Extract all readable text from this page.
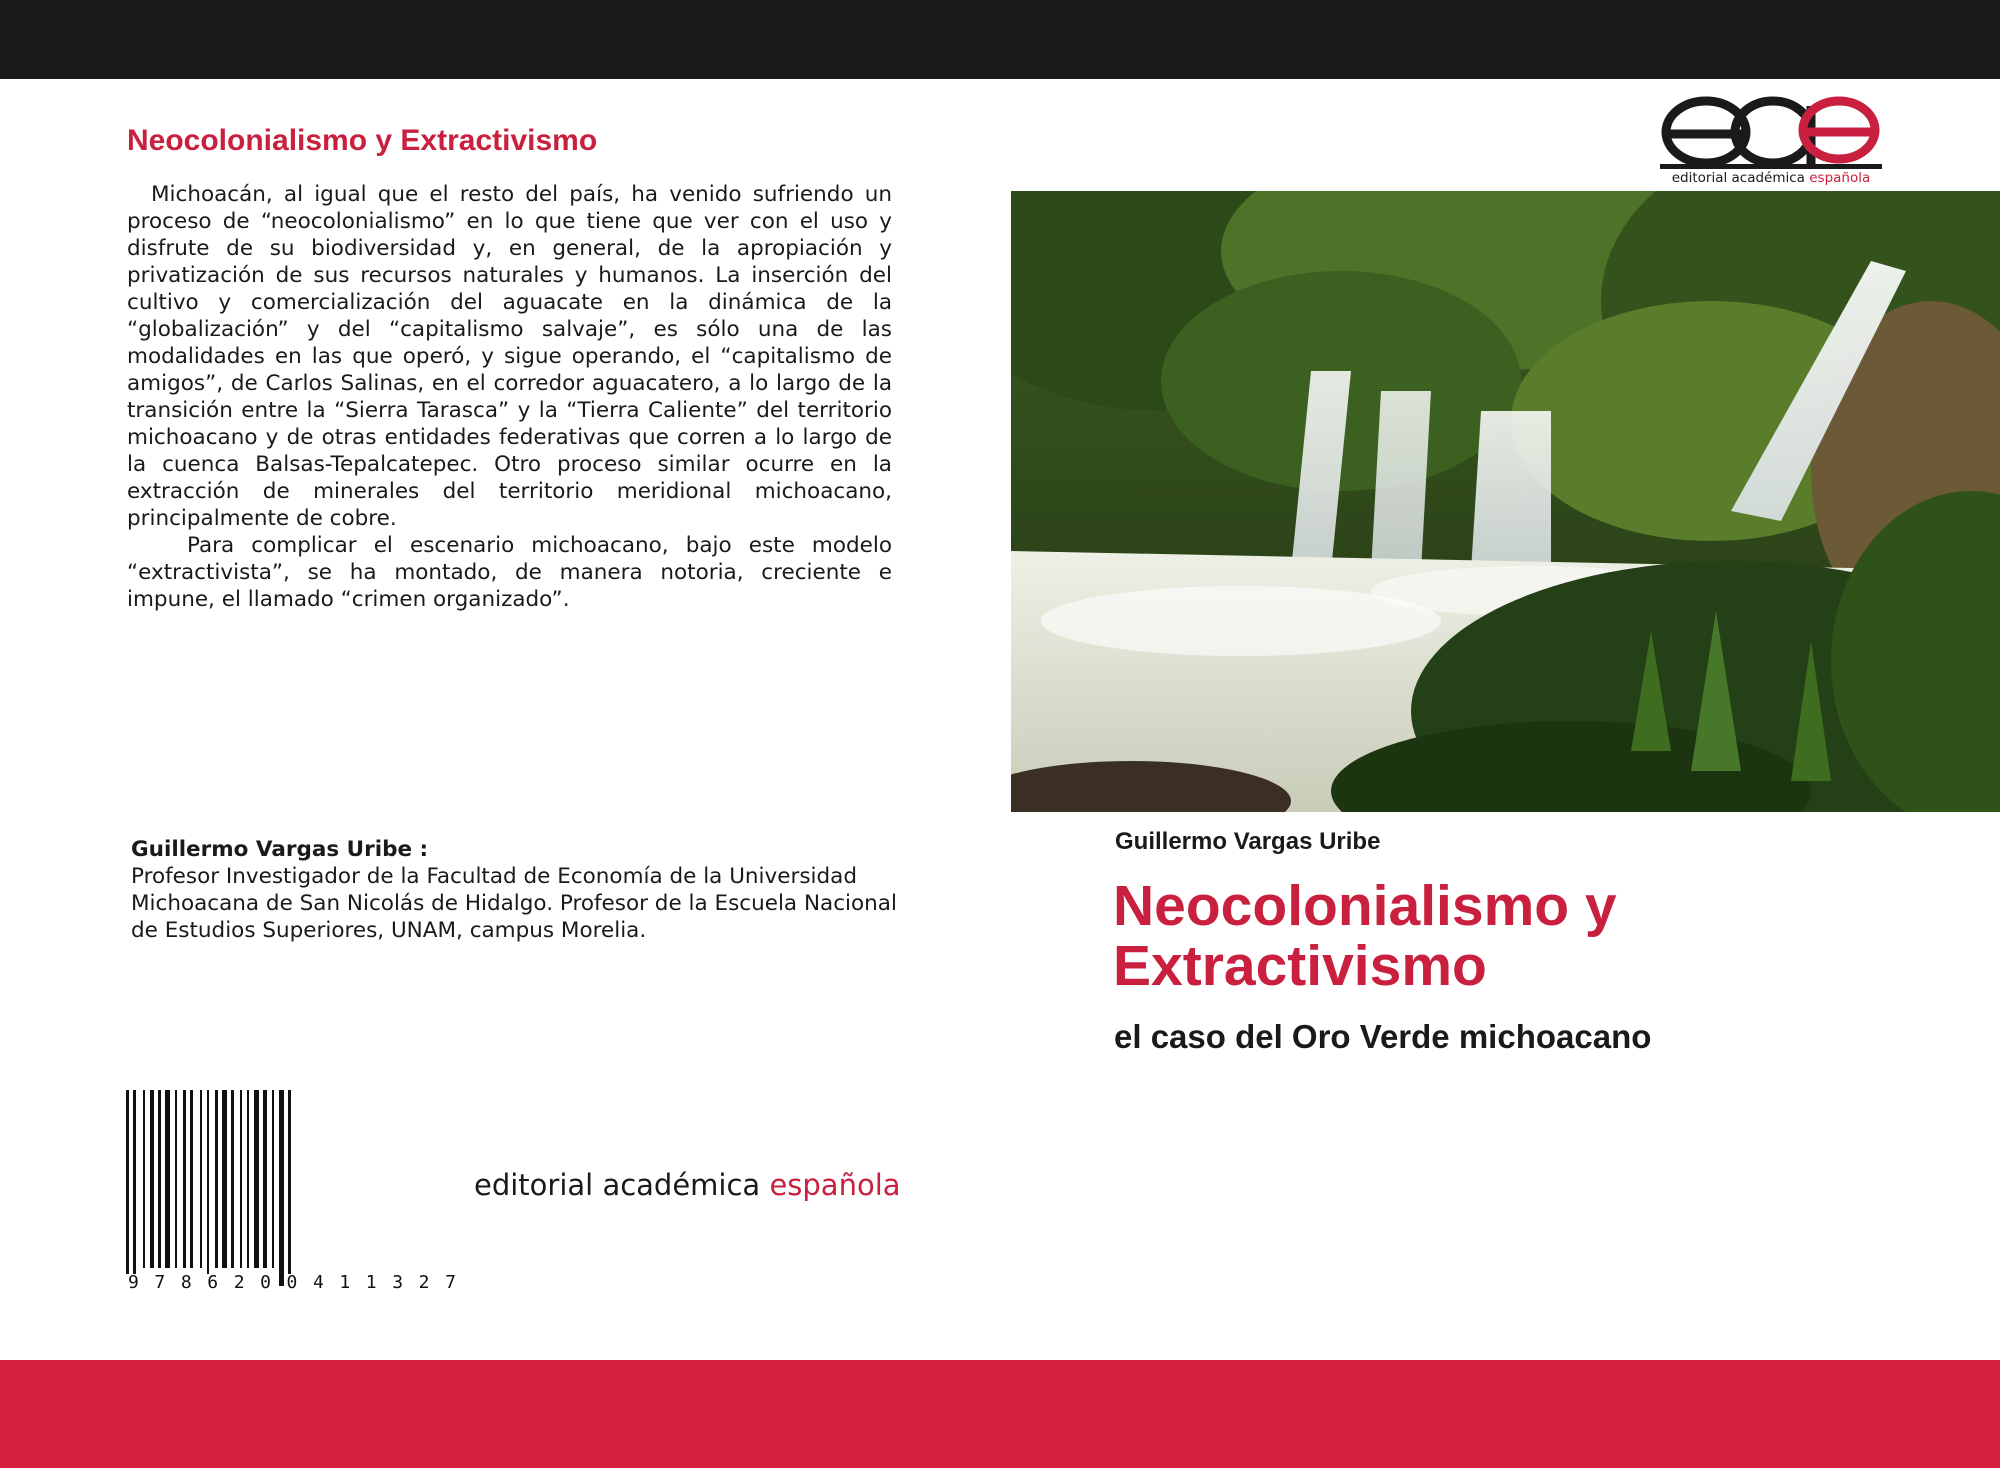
Neocolonialismo y Extractivismo

Michoacán, al igual que el resto del país, ha venido sufriendo un proceso de “neocolonialismo” en lo que tiene que ver con el uso y disfrute de su biodiversidad y, en general, de la apropiación y privatización de sus recursos naturales y humanos. La inserción del cultivo y comercialización del aguacate en la dinámica de la “globalización” y del “capitalismo salvaje”, es sólo una de las modalidades en las que operó, y sigue operando, el “capitalismo de amigos”, de Carlos Salinas, en el corredor aguacatero, a lo largo de la transición entre la “Sierra Tarasca” y la “Tierra Caliente” del territorio michoacano y de otras entidades federativas que corren a lo largo de la cuenca Balsas-Tepalcatepec. Otro proceso similar ocurre en la extracción de minerales del territorio meridional michoacano, principalmente de cobre.

Para complicar el escenario michoacano, bajo este modelo “extractivista”, se ha montado, de manera notoria, creciente e impune, el llamado “crimen organizado”.

Guillermo Vargas Uribe :
Profesor Investigador de la Facultad de Economía de la Universidad Michoacana de San Nicolás de Hidalgo. Profesor de la Escuela Nacional de Estudios Superiores, UNAM, campus Morelia.
9 7 8 6 2 0 0 4 1 1 3 2 7
editorial académica española
editorial académica española
Guillermo Vargas Uribe
Neocolonialismo y Extractivismo
el caso del Oro Verde michoacano
